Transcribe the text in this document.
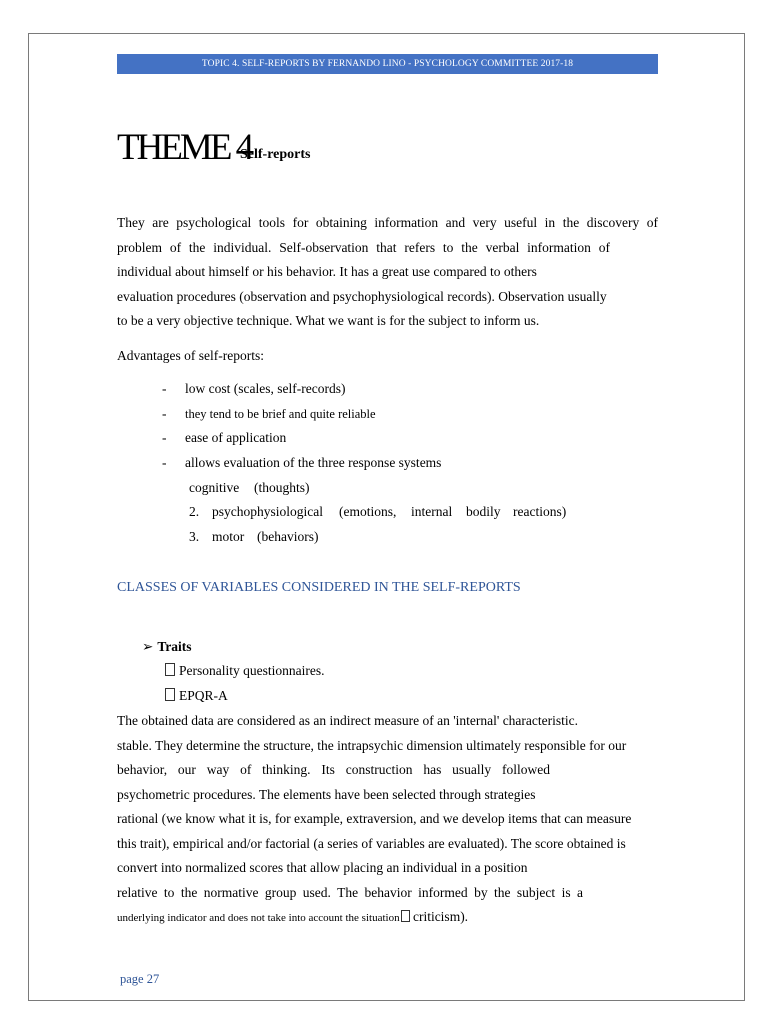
TOPIC 4. SELF-REPORTS BY FERNANDO LINO - PSYCHOLOGY COMMITTEE 2017-18
THEME 4
Self-reports
They are psychological tools for obtaining information and very useful in the discovery of
problem of the individual. Self-observation that refers to the verbal information of
individual about himself or his behavior. It has a great use compared to others
evaluation procedures (observation and psychophysiological records). Observation usually
to be a very objective technique. What we want is for the subject to inform us.
Advantages of self-reports:
- low cost (scales, self-records)
- they tend to be brief and quite reliable
- ease of application
- allows evaluation of the three response systems
cognitive (thoughts)
2. psychophysiological (emotions, internal bodily reactions)
3. motor (behaviors)
CLASSES OF VARIABLES CONSIDERED IN THE SELF-REPORTS
➢ Traits
Personality questionnaires.
EPQR-A
The obtained data are considered as an indirect measure of an 'internal' characteristic.
stable. They determine the structure, the intrapsychic dimension ultimately responsible for our
behavior, our way of thinking. Its construction has usually followed
psychometric procedures. The elements have been selected through strategies
rational (we know what it is, for example, extraversion, and we develop items that can measure
this trait), empirical and/or factorial (a series of variables are evaluated). The score obtained is
convert into normalized scores that allow placing an individual in a position
relative to the normative group used. The behavior informed by the subject is a
underlying indicator and does not take into account the situation criticism).
page 27
